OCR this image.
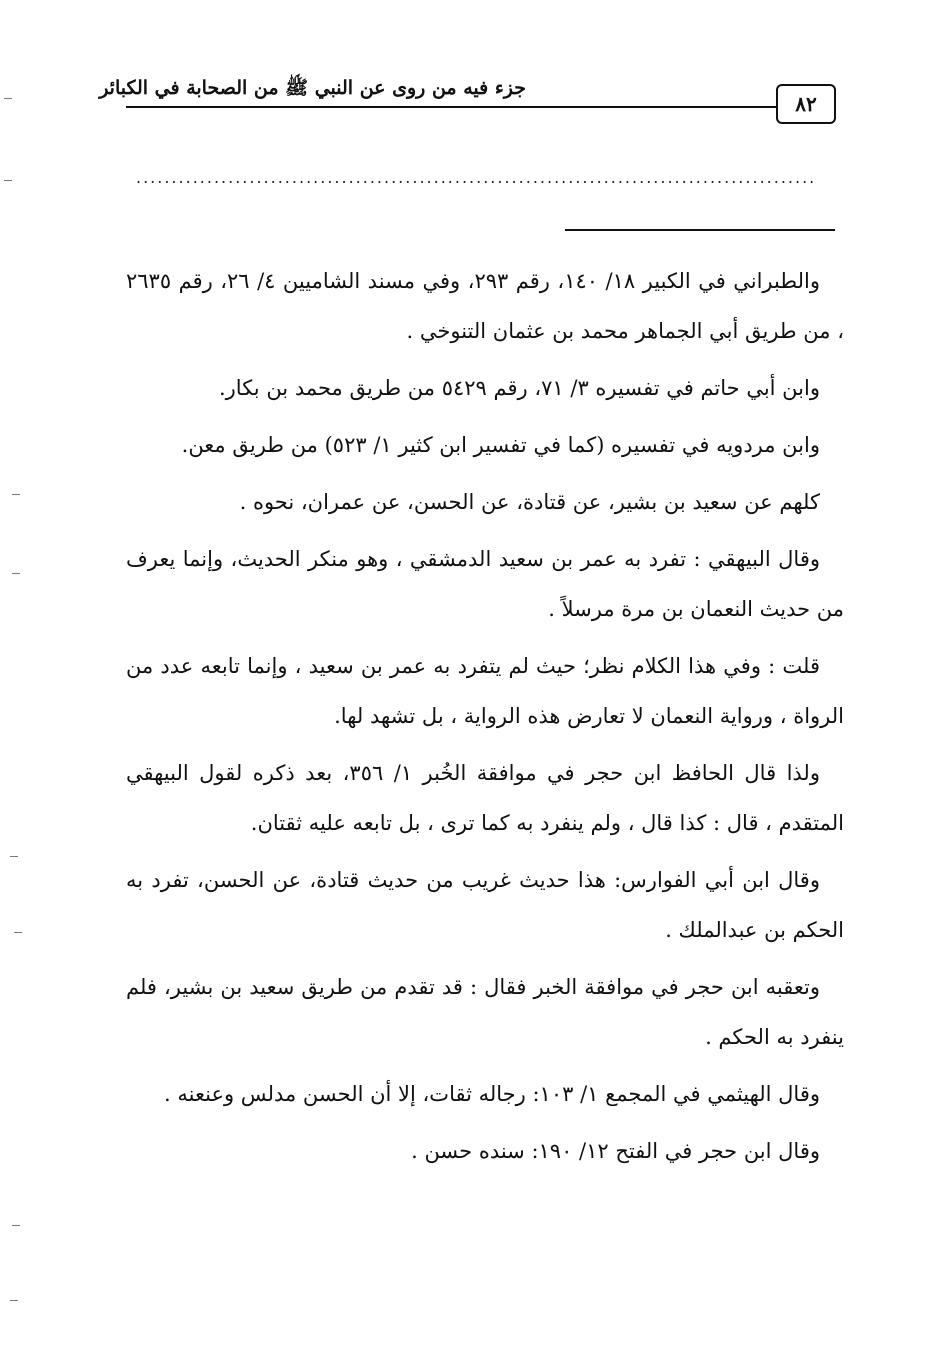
جزء فيه من روى عن النبي ﷺ من الصحابة في الكبائر
٨٢
................................................................................................

والطبراني في الكبير ١٨/ ١٤٠، رقم ٢٩٣، وفي مسند الشاميين ٤/ ٢٦، رقم ٢٦٣٥ ، من طريق أبي الجماهر محمد بن عثمان التنوخي .

وابن أبي حاتم في تفسيره ٣/ ٧١، رقم ٥٤٢٩ من طريق محمد بن بكار.

وابن مردويه في تفسيره (كما في تفسير ابن كثير ١/ ٥٢٣) من طريق معن.

كلهم عن سعيد بن بشير، عن قتادة، عن الحسن، عن عمران، نحوه .

وقال البيهقي : تفرد به عمر بن سعيد الدمشقي ، وهو منكر الحديث، وإنما يعرف من حديث النعمان بن مرة مرسلاً .

قلت : وفي هذا الكلام نظر؛ حيث لم يتفرد به عمر بن سعيد ، وإنما تابعه عدد من الرواة ، ورواية النعمان لا تعارض هذه الرواية ، بل تشهد لها.

ولذا قال الحافظ ابن حجر في موافقة الخُبر ١/ ٣٥٦، بعد ذكره لقول البيهقي المتقدم ، قال : كذا قال ، ولم ينفرد به كما ترى ، بل تابعه عليه ثقتان.

وقال ابن أبي الفوارس: هذا حديث غريب من حديث قتادة، عن الحسن، تفرد به الحكم بن عبدالملك .

وتعقبه ابن حجر في موافقة الخبر فقال : قد تقدم من طريق سعيد بن بشير، فلم ينفرد به الحكم .

وقال الهيثمي في المجمع ١/ ١٠٣: رجاله ثقات، إلا أن الحسن مدلس وعنعنه .

وقال ابن حجر في الفتح ١٢/ ١٩٠: سنده حسن .
